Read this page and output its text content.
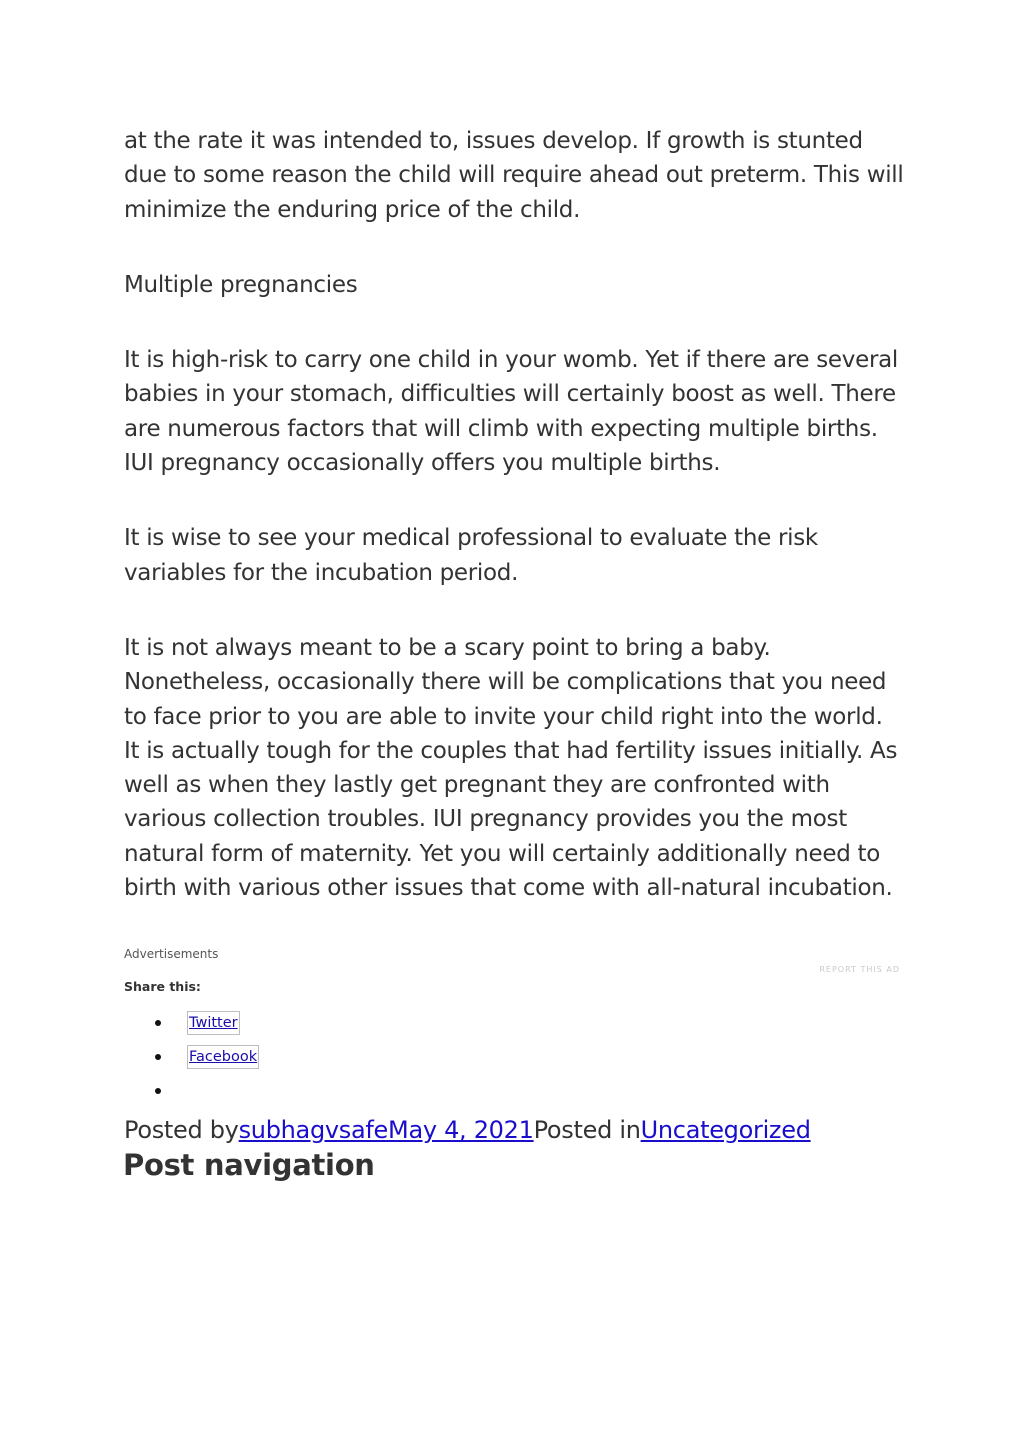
at the rate it was intended to, issues develop. If growth is stunted due to some reason the child will require ahead out preterm. This will minimize the enduring price of the child.

Multiple pregnancies

It is high-risk to carry one child in your womb. Yet if there are several babies in your stomach, difficulties will certainly boost as well. There are numerous factors that will climb with expecting multiple births. IUI pregnancy occasionally offers you multiple births.

It is wise to see your medical professional to evaluate the risk variables for the incubation period.

It is not always meant to be a scary point to bring a baby. Nonetheless, occasionally there will be complications that you need to face prior to you are able to invite your child right into the world. It is actually tough for the couples that had fertility issues initially. As well as when they lastly get pregnant they are confronted with various collection troubles. IUI pregnancy provides you the most natural form of maternity. Yet you will certainly additionally need to birth with various other issues that come with all-natural incubation.

Advertisements
REPORT THIS AD
Share this:
Twitter
Facebook
Posted bysubhagvsafeMay 4, 2021Posted inUncategorized
Post navigation
